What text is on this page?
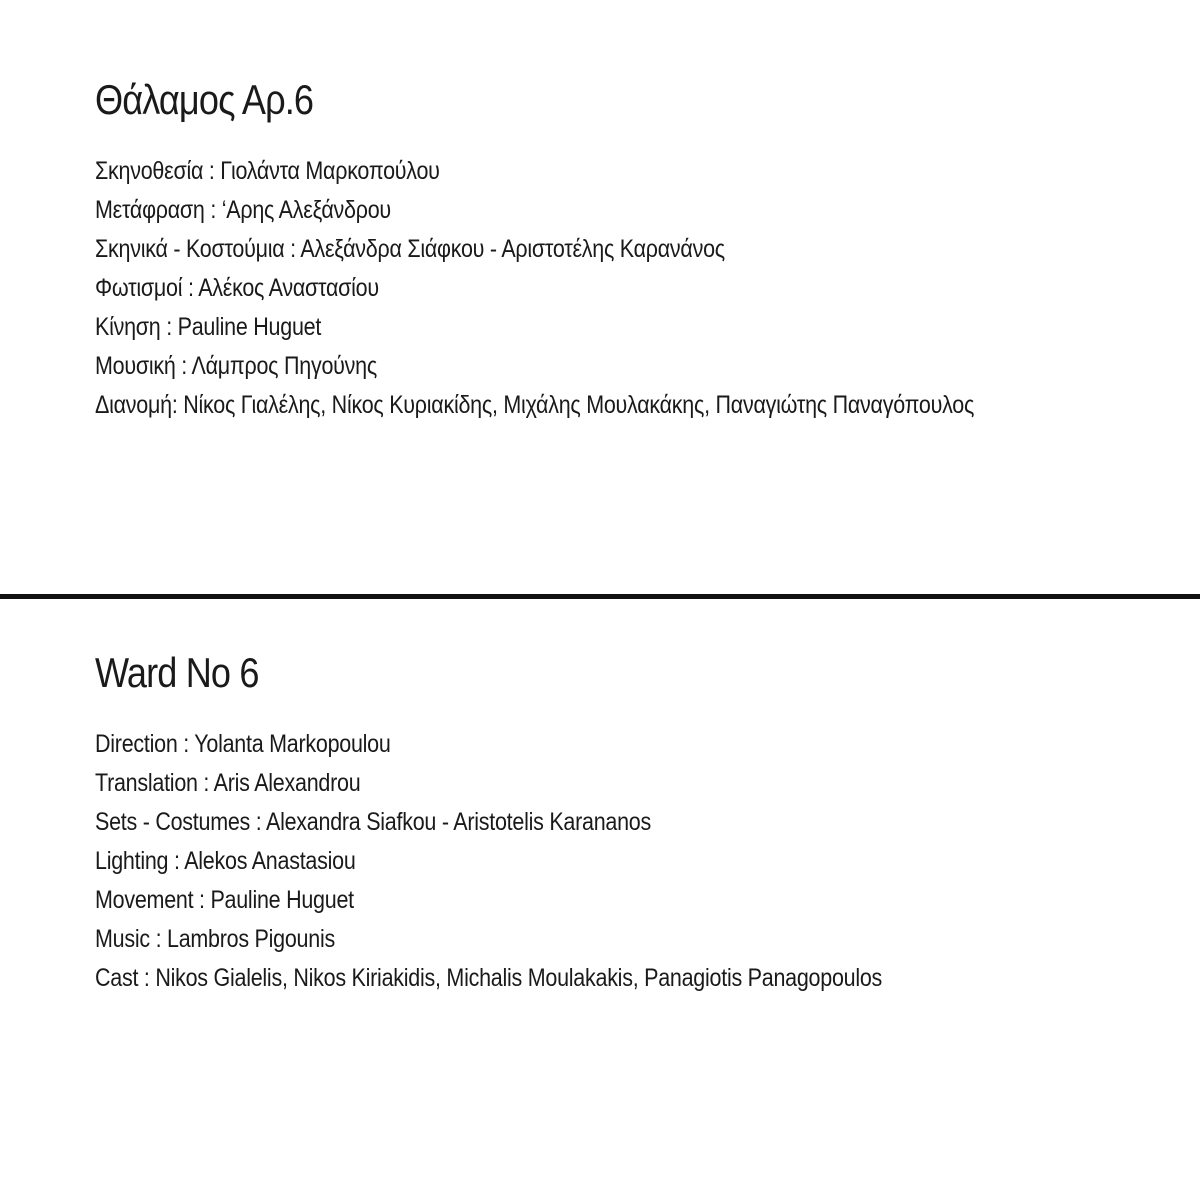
Θάλαμος Αρ.6
Σκηνοθεσία : Γιολάντα Μαρκοπούλου
Μετάφραση : ‘Αρης Αλεξάνδρου
Σκηνικά - Κοστούμια : Αλεξάνδρα Σιάφκου - Αριστοτέλης Καρανάνος
Φωτισμοί : Αλέκος Αναστασίου
Κίνηση : Pauline Huguet
Μουσική : Λάμπρος Πηγούνης
Διανομή: Νίκος Γιαλέλης, Νίκος Κυριακίδης, Μιχάλης Μουλακάκης, Παναγιώτης Παναγόπουλος
Ward No 6
Direction : Yolanta Markopoulou
Translation : Aris Alexandrou
Sets - Costumes : Alexandra Siafkou - Aristotelis Karananos
Lighting : Alekos Anastasiou
Movement : Pauline Huguet
Music : Lambros Pigounis
Cast : Nikos Gialelis, Nikos Kiriakidis, Michalis Moulakakis, Panagiotis Panagopoulos
